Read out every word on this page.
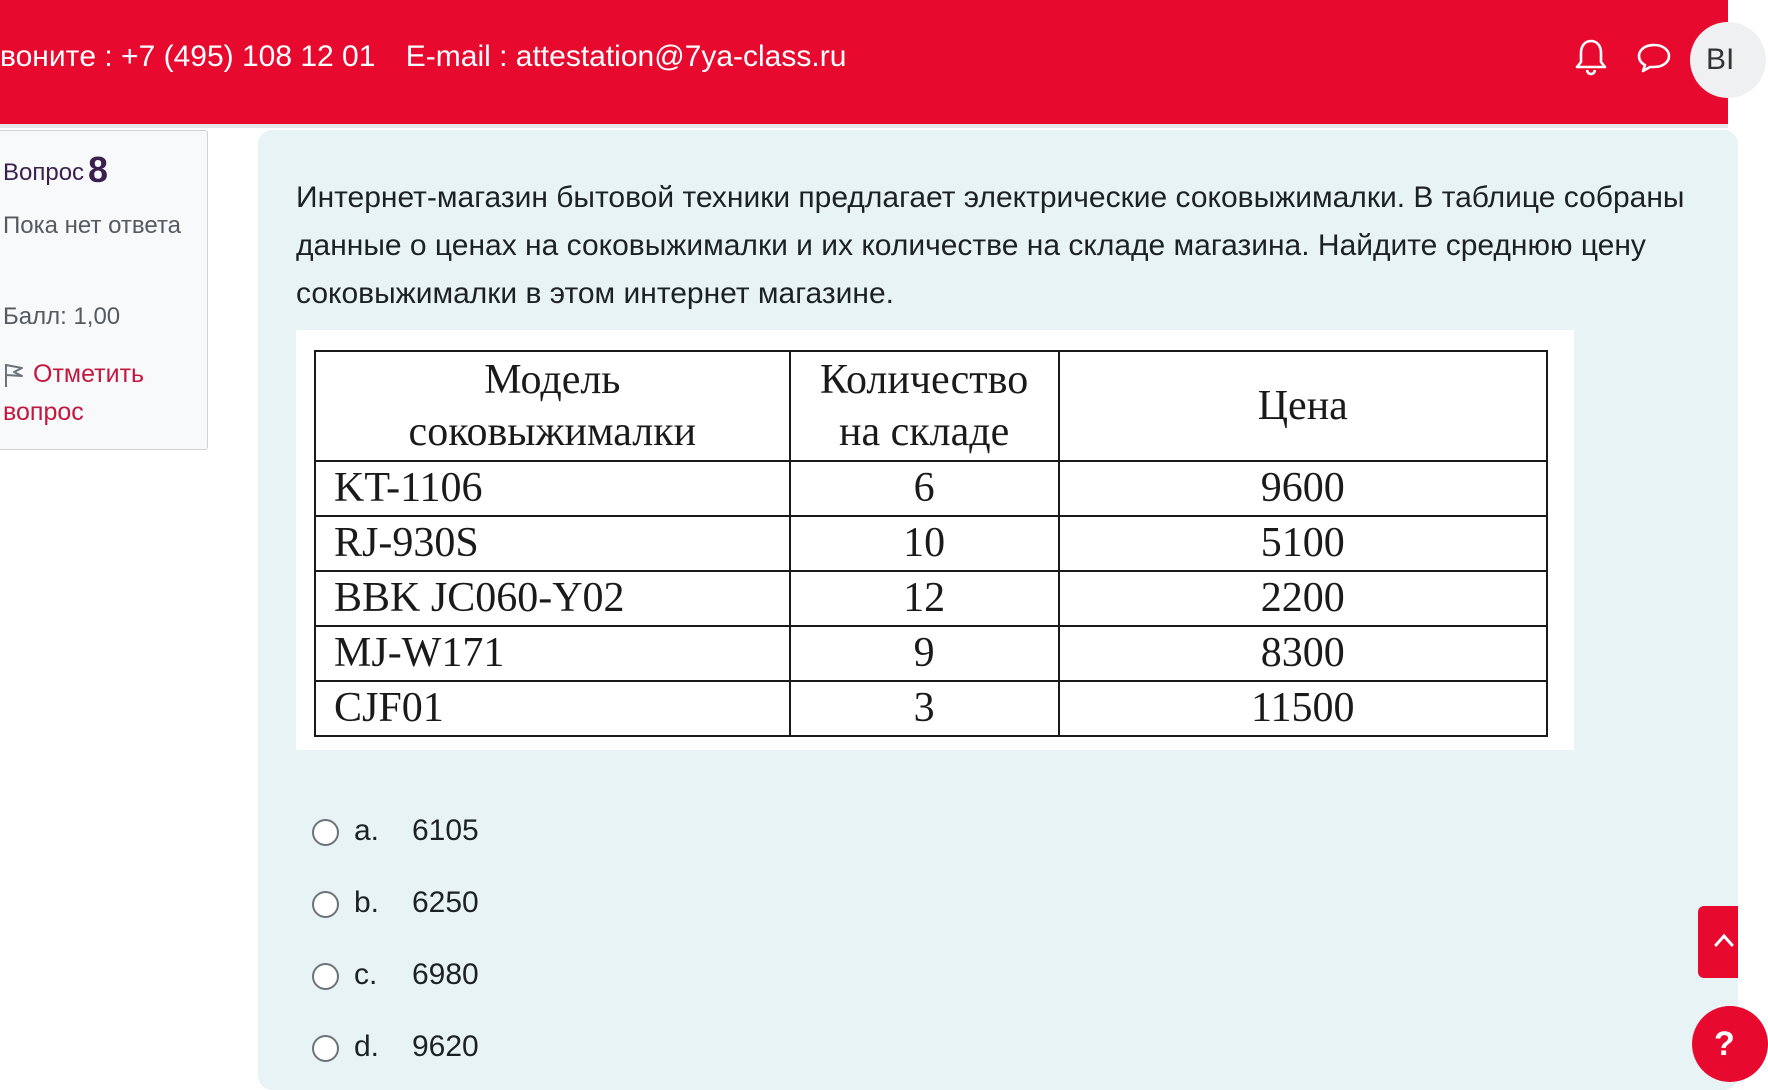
вонитe : +7 (495) 108 12 01 E-mail : attestation@7ya-class.ru	ВІ
Вопрос 8
Пока нет ответа
Балл: 1,00
Отметить вопрос
Интернет-магазин бытовой техники предлагает электрические соковыжималки. В таблице собраны данные о ценах на соковыжималки и их количестве на складе магазина. Найдите среднюю цену соковыжималки в этом интернет магазине.
Модель соковыжималки	Количество на складе	Цена
KT-1106	6	9600
RJ-930S	10	5100
BBK JC060-Y02	12	2200
MJ-W171	9	8300
CJF01	3	11500
a. 6105
b. 6250
c. 6980
d. 9620	?
